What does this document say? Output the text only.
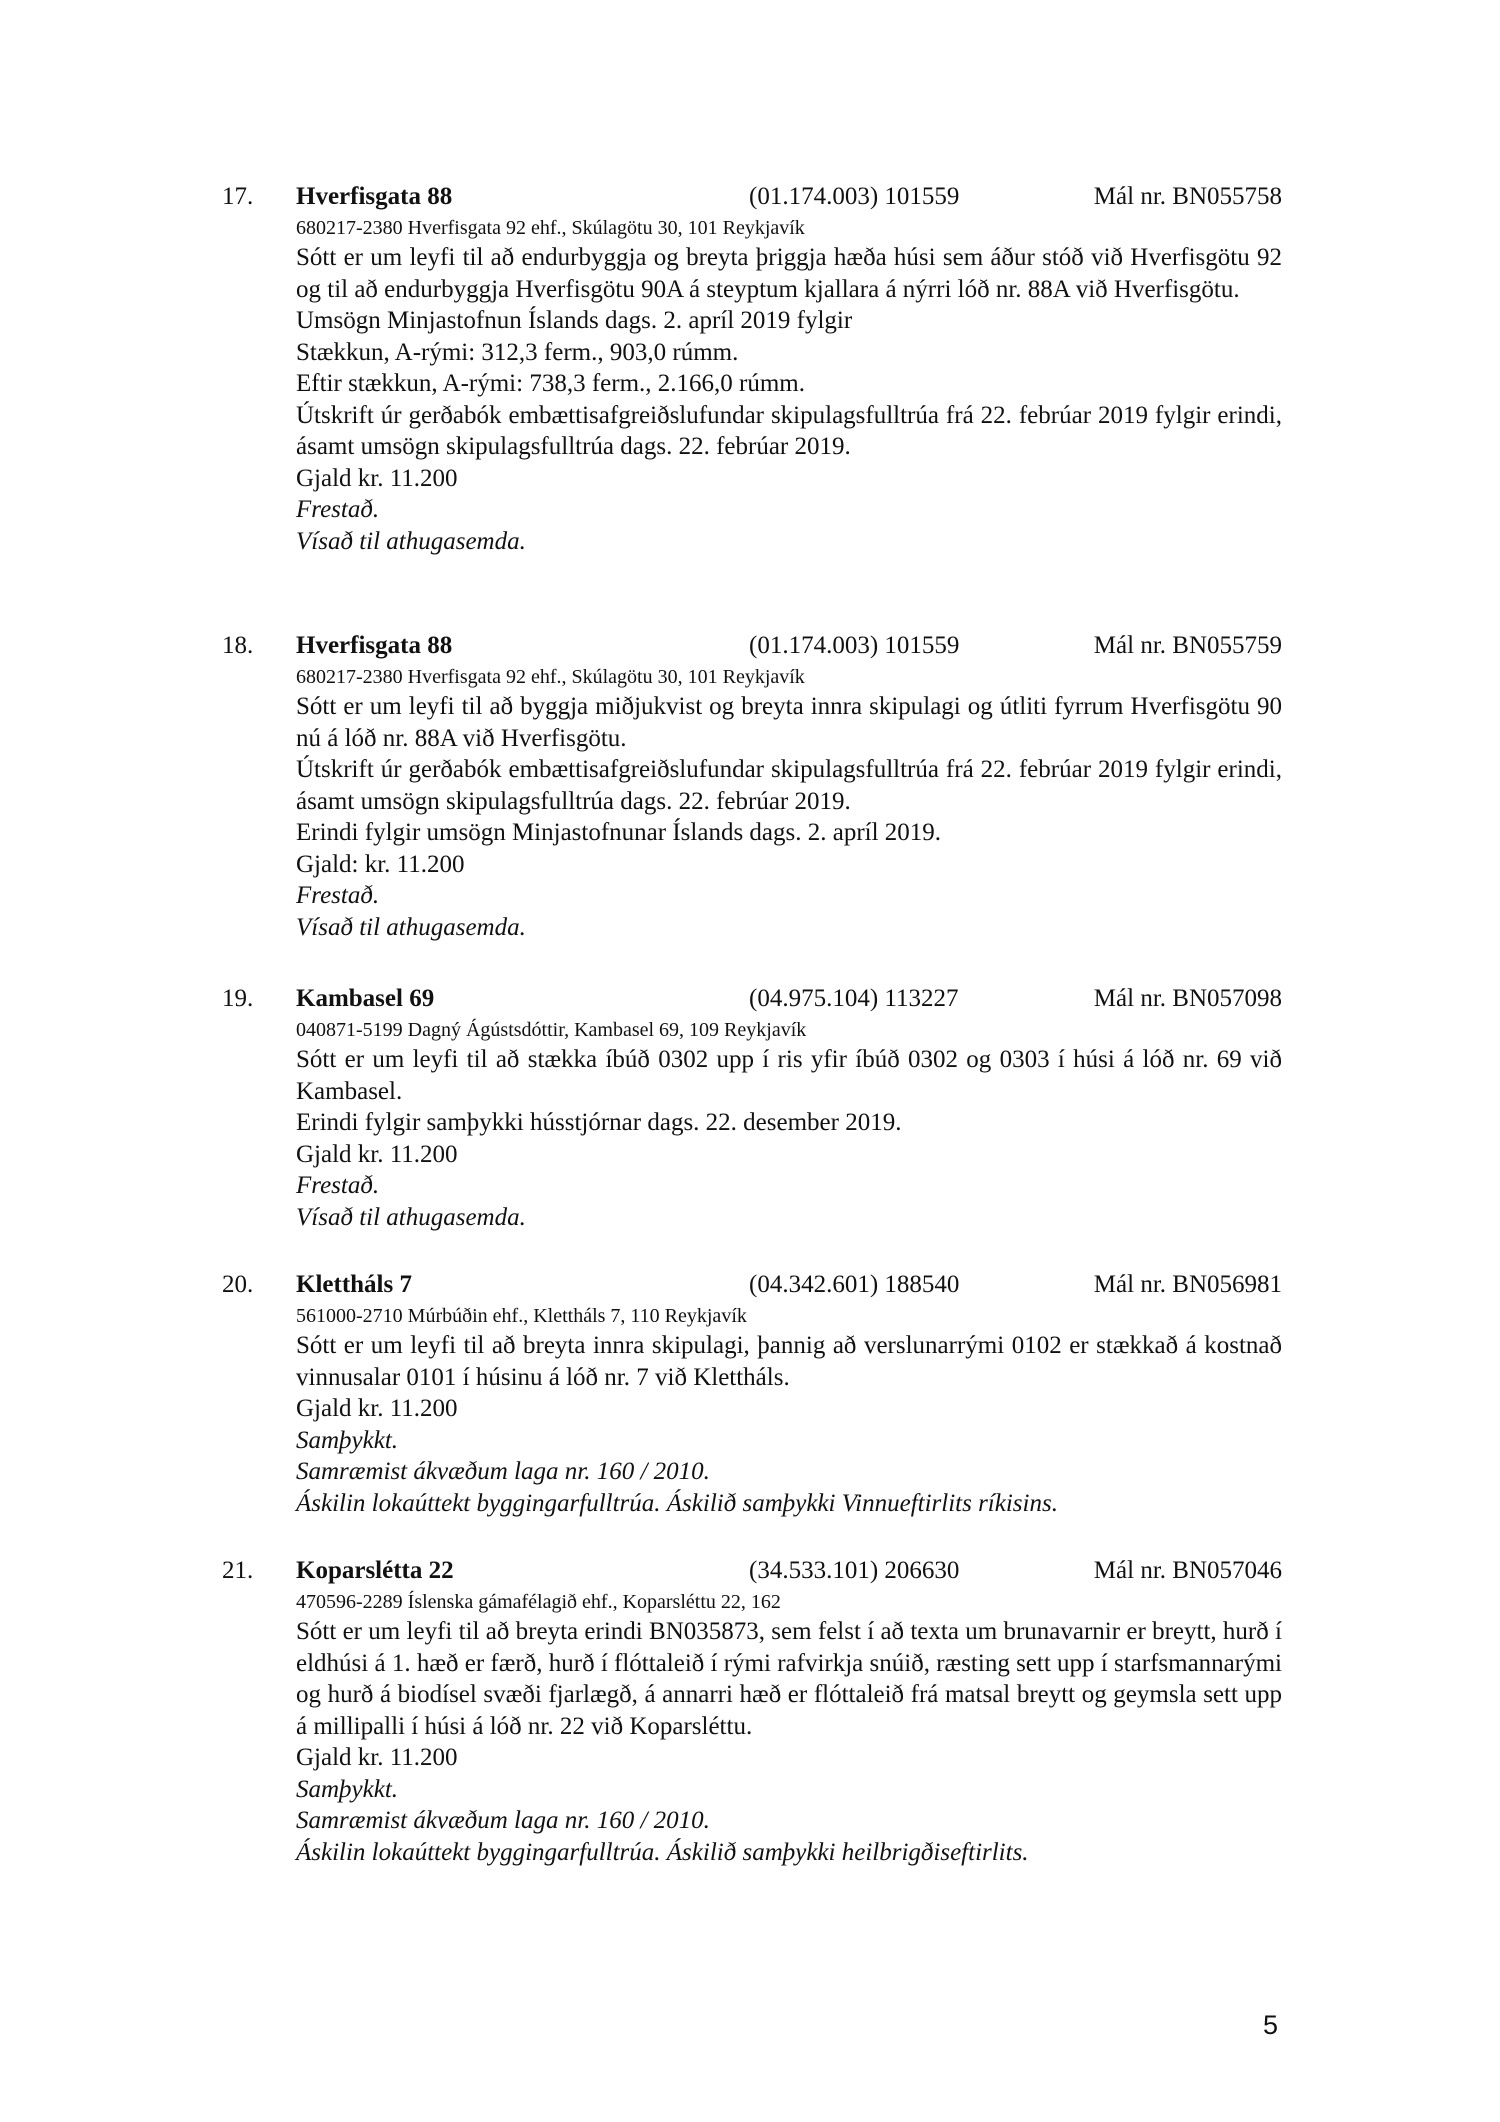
17. Hverfisgata 88	(01.174.003) 101559	Mál nr. BN055758
680217-2380 Hverfisgata 92 ehf., Skúlagötu 30, 101 Reykjavík
Sótt er um leyfi til að endurbyggja og breyta þriggja hæða húsi sem áður stóð við Hverfisgötu 92 og til að endurbyggja Hverfisgötu 90A á steyptum kjallara á nýrri lóð nr. 88A við Hverfisgötu.
Umsögn Minjastofnun Íslands dags. 2. apríl 2019 fylgir
Stækkun, A-rými: 312,3 ferm., 903,0 rúmm.
Eftir stækkun, A-rými: 738,3 ferm., 2.166,0 rúmm.
Útskrift úr gerðabók embættisafgreiðslufundar skipulagsfulltrúa frá 22. febrúar 2019 fylgir erindi, ásamt umsögn skipulagsfulltrúa dags. 22. febrúar 2019.
Gjald kr. 11.200
Frestað.
Vísað til athugasemda.
18. Hverfisgata 88	(01.174.003) 101559	Mál nr. BN055759
680217-2380 Hverfisgata 92 ehf., Skúlagötu 30, 101 Reykjavík
Sótt er um leyfi til að byggja miðjukvist og breyta innra skipulagi og útliti fyrrum Hverfisgötu 90 nú á lóð nr. 88A við Hverfisgötu.
Útskrift úr gerðabók embættisafgreiðslufundar skipulagsfulltrúa frá 22. febrúar 2019 fylgir erindi, ásamt umsögn skipulagsfulltrúa dags. 22. febrúar 2019.
Erindi fylgir umsögn Minjastofnunar Íslands dags. 2. apríl 2019.
Gjald: kr. 11.200
Frestað.
Vísað til athugasemda.
19. Kambasel 69	(04.975.104) 113227	Mál nr. BN057098
040871-5199 Dagný Ágústsdóttir, Kambasel 69, 109 Reykjavík
Sótt er um leyfi til að stækka íbúð 0302 upp í ris yfir íbúð 0302 og 0303 í húsi á lóð nr. 69 við Kambasel.
Erindi fylgir samþykki hússtjórnar dags. 22. desember 2019.
Gjald kr. 11.200
Frestað.
Vísað til athugasemda.
20. Klettháls 7	(04.342.601) 188540	Mál nr. BN056981
561000-2710 Múrbúðin ehf., Klettháls 7, 110 Reykjavík
Sótt er um leyfi til að breyta innra skipulagi, þannig að verslunarrými 0102 er stækkað á kostnað vinnusalar 0101 í húsinu á lóð nr. 7 við Klettháls.
Gjald kr. 11.200
Samþykkt.
Samræmist ákvæðum laga nr. 160 / 2010.
Áskilin lokaúttekt byggingarfulltrúa. Áskilið samþykki Vinnueftirlits ríkisins.
21. Koparslétta 22	(34.533.101) 206630	Mál nr. BN057046
470596-2289 Íslenska gámafélagið ehf., Koparsléttu 22, 162
Sótt er um leyfi til að breyta erindi BN035873, sem felst í að texta um brunavarnir er breytt, hurð í eldhúsi á 1. hæð er færð, hurð í flóttaleið í rými rafvirkja snúið, ræsting sett upp í starfsmannarými og hurð á biodísel svæði fjarlægð, á annarri hæð er flóttaleið frá matsal breytt og geymsla sett upp á millipalli í húsi á lóð nr. 22 við Koparsléttu.
Gjald kr. 11.200
Samþykkt.
Samræmist ákvæðum laga nr. 160 / 2010.
Áskilin lokaúttekt byggingarfulltrúa. Áskilið samþykki heilbrigðiseftirlits.
5
